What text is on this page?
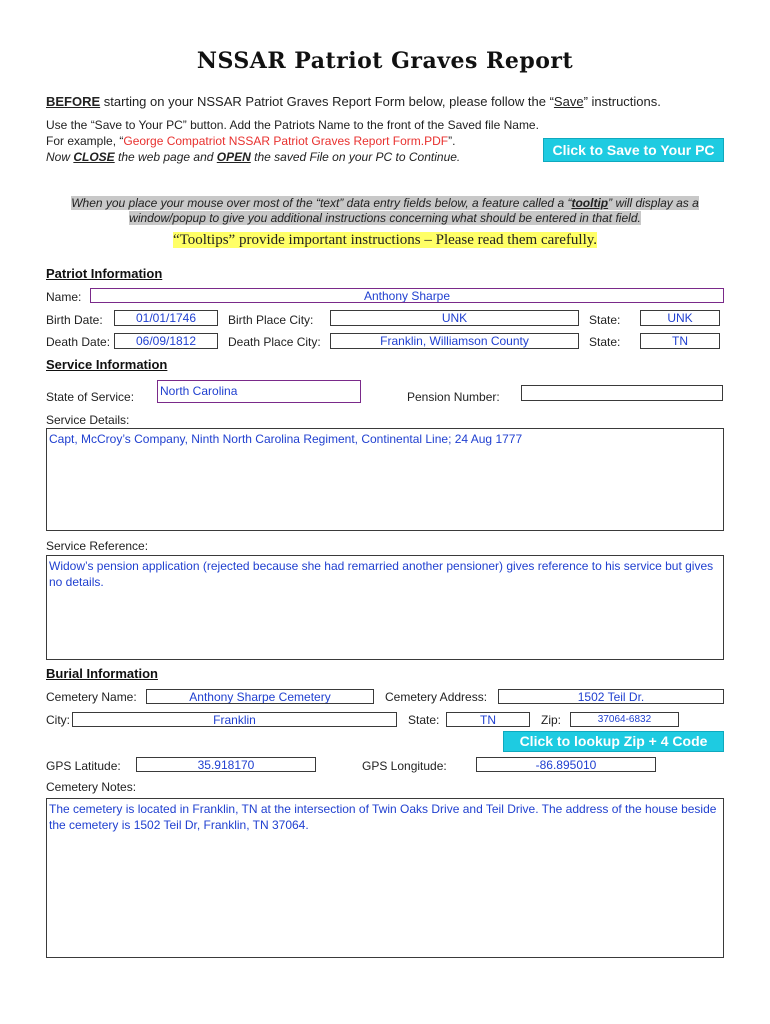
NSSAR Patriot Graves Report
BEFORE starting on your NSSAR Patriot Graves Report Form below, please follow the “Save” instructions.
Use the “Save to Your PC” button. Add the Patriots Name to the front of the Saved file Name.
For example, “George Compatriot NSSAR Patriot Graves Report Form.PDF”.
Now CLOSE the web page and OPEN the saved File on your PC to Continue.	Click to Save to Your PC
When you place your mouse over most of the “text” data entry fields below, a feature called a “tooltip” will display as a
window/popup to give you additional instructions concerning what should be entered in that field.
“Tooltips” provide important instructions – Please read them carefully.
Patriot Information
Name:	Anthony Sharpe
Birth Date:	01/01/1746	Birth Place City:	UNK	State:	UNK
Death Date:	06/09/1812	Death Place City:	Franklin, Williamson County	State:	TN
Service Information
State of Service: North Carolina	Pension Number:
Service Details:
Capt, McCroy’s Company, Ninth North Carolina Regiment, Continental Line; 24 Aug 1777
Service Reference:
Widow’s pension application (rejected because she had remarried another pensioner) gives reference to his service but gives no details.
Burial Information
Cemetery Name:	Anthony Sharpe Cemetery	Cemetery Address:	1502 Teil Dr.
City:	Franklin	State:	TN	Zip:	37064-6832
Click to lookup Zip + 4 Code
GPS Latitude:	35.918170	GPS Longitude:	-86.895010
Cemetery Notes:
The cemetery is located in Franklin, TN at the intersection of Twin Oaks Drive and Teil Drive. The address of the house beside the cemetery is 1502 Teil Dr, Franklin, TN 37064.
